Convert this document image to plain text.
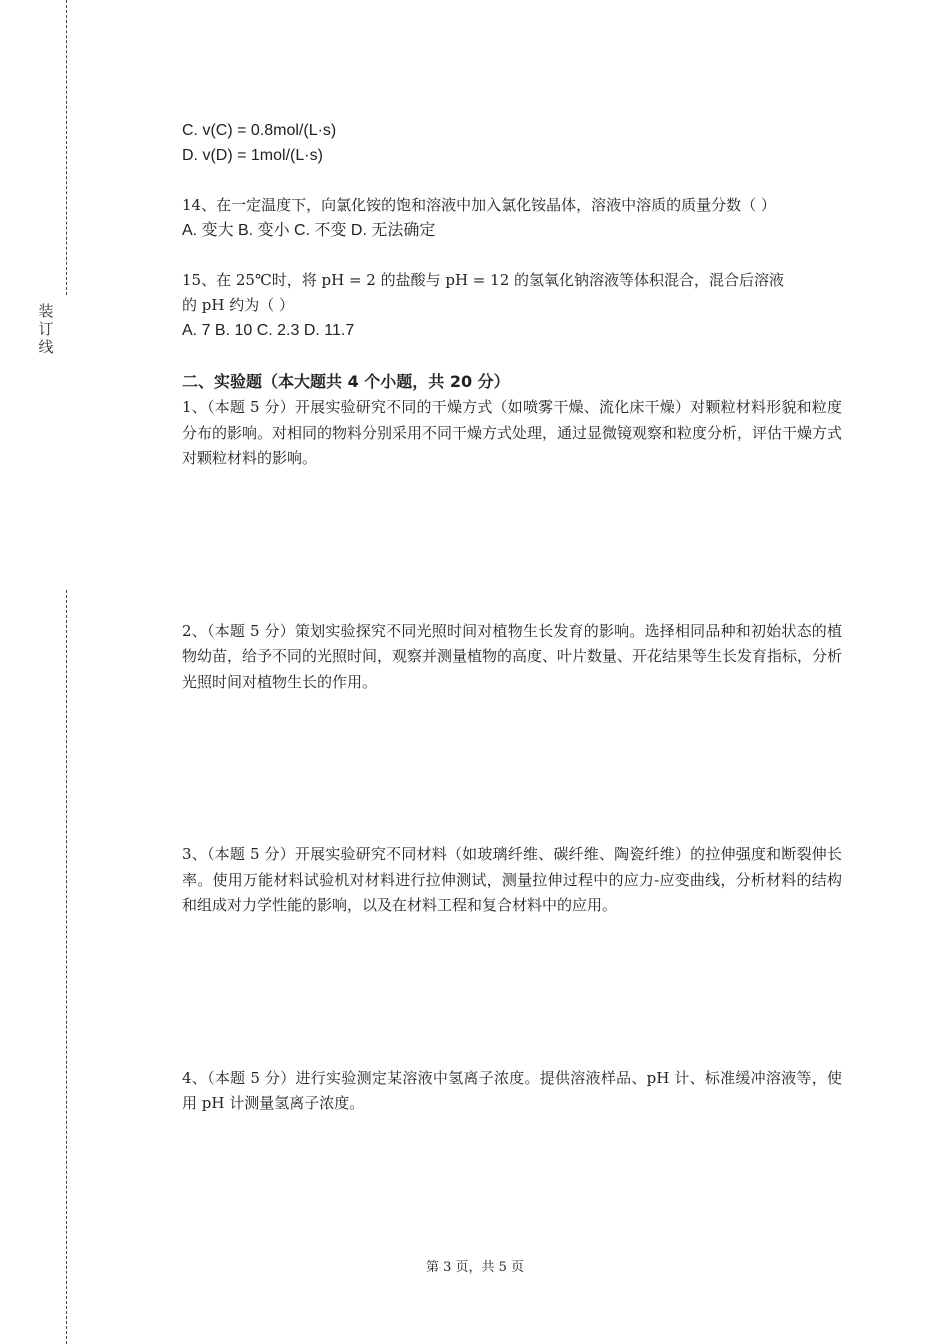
装
订
线
C. v(C) = 0.8mol/(L·s)
D. v(D) = 1mol/(L·s)
14、在一定温度下，向氯化铵的饱和溶液中加入氯化铵晶体，溶液中溶质的质量分数（ ）
A. 变大 B. 变小 C. 不变 D. 无法确定
15、在 25℃时，将 pH = 2 的盐酸与 pH = 12 的氢氧化钠溶液等体积混合，混合后溶液
的 pH 约为（ ）
A. 7 B. 10 C. 2.3 D. 11.7
二、实验题（本大题共 4 个小题，共 20 分）
1、（本题 5 分）开展实验研究不同的干燥方式（如喷雾干燥、流化床干燥）对颗粒材料形貌和粒度分布的影响。对相同的物料分别采用不同干燥方式处理，通过显微镜观察和粒度分析，评估干燥方式对颗粒材料的影响。
2、（本题 5 分）策划实验探究不同光照时间对植物生长发育的影响。选择相同品种和初始状态的植物幼苗，给予不同的光照时间，观察并测量植物的高度、叶片数量、开花结果等生长发育指标，分析光照时间对植物生长的作用。
3、（本题 5 分）开展实验研究不同材料（如玻璃纤维、碳纤维、陶瓷纤维）的拉伸强度和断裂伸长率。使用万能材料试验机对材料进行拉伸测试，测量拉伸过程中的应力-应变曲线，分析材料的结构和组成对力学性能的影响，以及在材料工程和复合材料中的应用。
4、（本题 5 分）进行实验测定某溶液中氢离子浓度。提供溶液样品、pH 计、标准缓冲溶液等，使用 pH 计测量氢离子浓度。
第 3 页，共 5 页
